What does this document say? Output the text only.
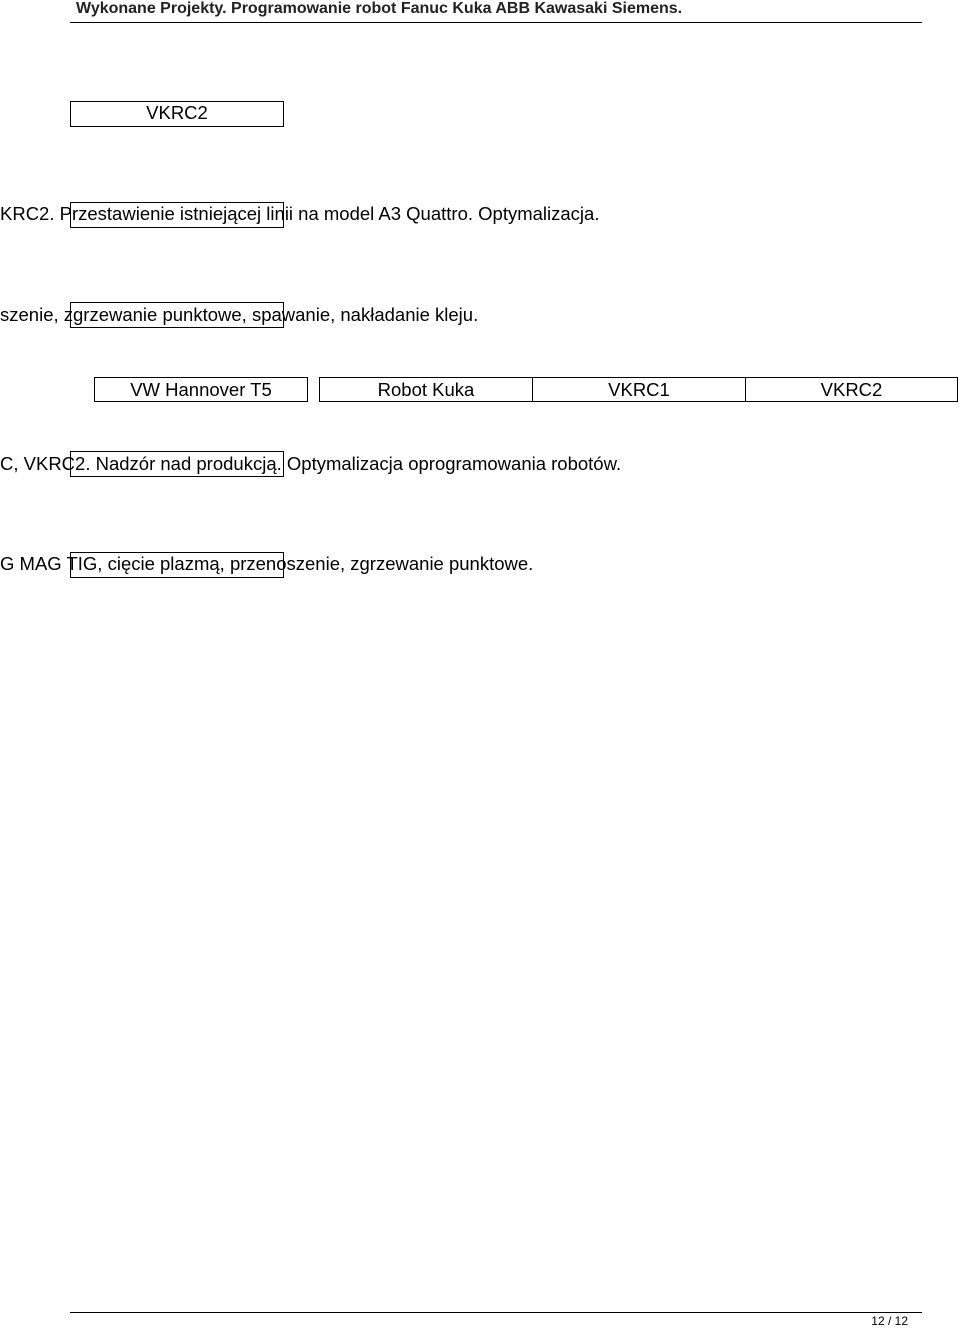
Wykonane Projekty. Programowanie robot Fanuc Kuka ABB Kawasaki Siemens.
VKRC2
KRC2. Przestawienie istniejącej linii na model A3 Quattro. Optymalizacja.
szenie, zgrzewanie punktowe, spawanie, nakładanie kleju.
VW Hannover T5	Robot Kuka	VKRC1	VKRC2
C, VKRC2. Nadzór nad produkcją. Optymalizacja oprogramowania robotów.
G MAG TIG, cięcie plazmą, przenoszenie, zgrzewanie punktowe.
12 / 12
